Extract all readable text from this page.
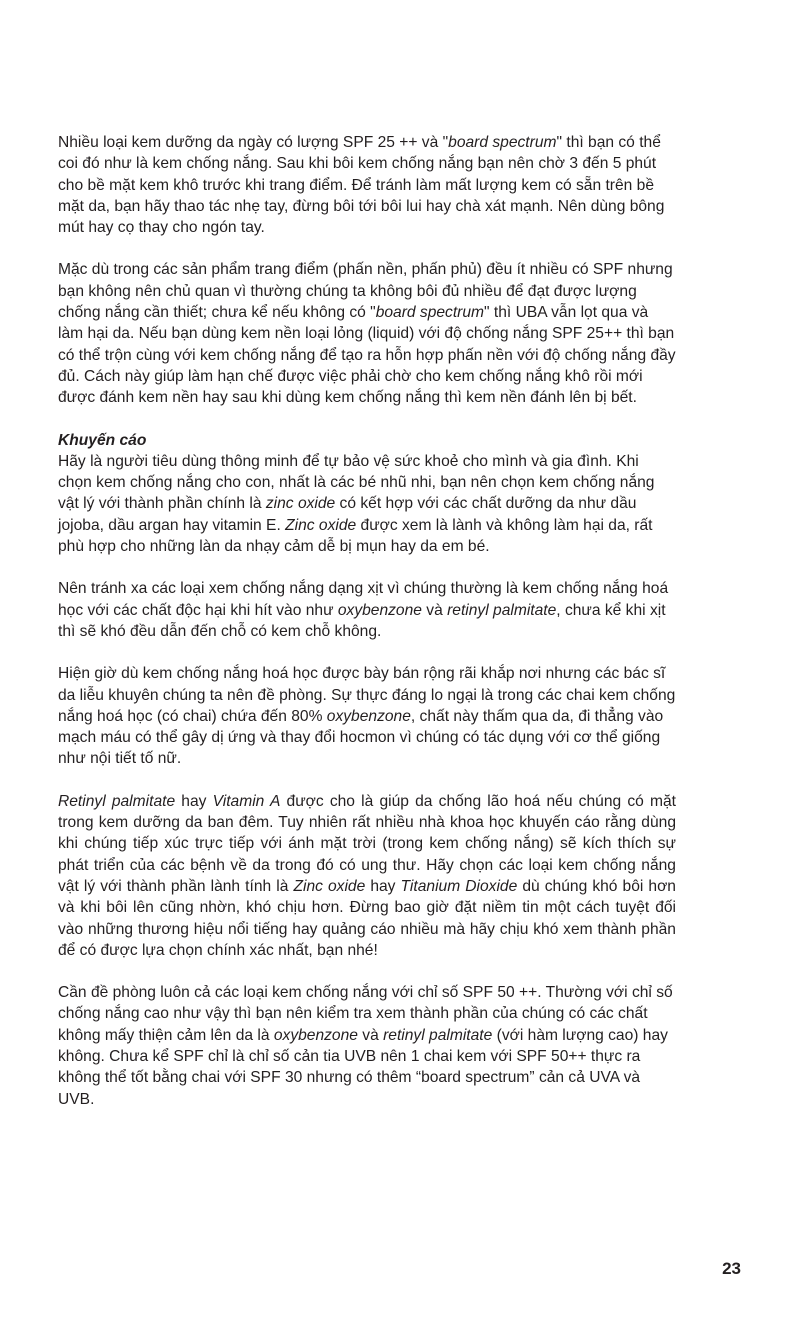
Nhiều loại kem dưỡng da ngày có lượng SPF 25 ++ và "board spectrum" thì bạn có thể coi đó như là kem chống nắng. Sau khi bôi kem chống nắng bạn nên chờ 3 đến 5 phút cho bề mặt kem khô trước khi trang điểm. Để tránh làm mất lượng kem có sẵn trên bề mặt da, bạn hãy thao tác nhẹ tay, đừng bôi tới bôi lui hay chà xát mạnh. Nên dùng bông mút hay cọ thay cho ngón tay.

Mặc dù trong các sản phẩm trang điểm (phấn nền, phấn phủ) đều ít nhiều có SPF nhưng bạn không nên chủ quan vì thường chúng ta không bôi đủ nhiều để đạt được lượng chống nắng cần thiết; chưa kể nếu không có "board spectrum" thì UBA vẫn lọt qua và làm hại da. Nếu bạn dùng kem nền loại lỏng (liquid) với độ chống nắng SPF 25++ thì bạn có thể trộn cùng với kem chống nắng để tạo ra hỗn hợp phấn nền với độ chống nắng đầy đủ. Cách này giúp làm hạn chế được việc phải chờ cho kem chống nắng khô rồi mới được đánh kem nền hay sau khi dùng kem chống nắng thì kem nền đánh lên bị bết.

Khuyến cáo

Hãy là người tiêu dùng thông minh để tự bảo vệ sức khoẻ cho mình và gia đình. Khi chọn kem chống nắng cho con, nhất là các bé nhũ nhi, bạn nên chọn kem chống nắng vật lý với thành phần chính là zinc oxide có kết hợp với các chất dưỡng da như dầu jojoba, dầu argan hay vitamin E. Zinc oxide được xem là lành và không làm hại da, rất phù hợp cho những làn da nhạy cảm dễ bị mụn hay da em bé.

Nên tránh xa các loại xem chống nắng dạng xịt vì chúng thường là kem chống nắng hoá học với các chất độc hại khi hít vào như oxybenzone và retinyl palmitate, chưa kể khi xịt thì sẽ khó đều dẫn đến chỗ có kem chỗ không.

Hiện giờ dù kem chống nắng hoá học được bày bán rộng rãi khắp nơi nhưng các bác sĩ da liễu khuyên chúng ta nên đề phòng. Sự thực đáng lo ngại là trong các chai kem chống nắng hoá học (có chai) chứa đến 80% oxybenzone, chất này thấm qua da, đi thẳng vào mạch máu có thể gây dị ứng và thay đổi hocmon vì chúng có tác dụng với cơ thể giống như nội tiết tố nữ.

Retinyl palmitate hay Vitamin A được cho là giúp da chống lão hoá nếu chúng có mặt trong kem dưỡng da ban đêm. Tuy nhiên rất nhiều nhà khoa học khuyến cáo rằng dùng khi chúng tiếp xúc trực tiếp với ánh mặt trời (trong kem chống nắng) sẽ kích thích sự phát triển của các bệnh về da trong đó có ung thư. Hãy chọn các loại kem chống nắng vật lý với thành phần lành tính là Zinc oxide hay Titanium Dioxide dù chúng khó bôi hơn và khi bôi lên cũng nhờn, khó chịu hơn. Đừng bao giờ đặt niềm tin một cách tuyệt đối vào những thương hiệu nổi tiếng hay quảng cáo nhiều mà hãy chịu khó xem thành phần để có được lựa chọn chính xác nhất, bạn nhé!

Cần đề phòng luôn cả các loại kem chống nắng với chỉ số SPF 50 ++. Thường với chỉ số chống nắng cao như vậy thì bạn nên kiểm tra xem thành phần của chúng có các chất không mấy thiện cảm lên da là oxybenzone và retinyl palmitate (với hàm lượng cao) hay không. Chưa kể SPF chỉ là chỉ số cản tia UVB nên 1 chai kem với SPF 50++ thực ra không thể tốt bằng chai với SPF 30 nhưng có thêm “board spectrum” cản cả UVA và UVB.

23
